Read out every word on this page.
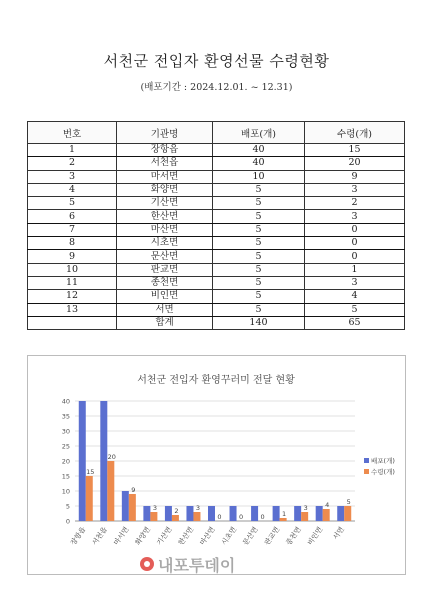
서천군 전입자 환영선물 수령현황
(배포기간 : 2024.12.01. ~ 12.31)
번호	기관명	배포(개)	수령(개)
1	장항읍	40	15
2	서천읍	40	20
3	마서면	10	9
4	화양면	5	3
5	기산면	5	2
6	한산면	5	3
7	마산면	5	0
8	시초면	5	0
9	문산면	5	0
10	판교면	5	1
11	종천면	5	3
12	비인면	5	4
13	서면	5	5
	합계	140	65
서천군 전입자 환영꾸러미 전달 현황
0
5
10
15
20
25
30
35
40
15
장항읍
20
서천읍
9
마서면
3
화양면
2
기산면
3
한산면
0
마산면
0
시초면
0
문산면
1
판교면
3
종천면
4
비인면
5
서면
배포(개)
수령(개)
내포투데이
